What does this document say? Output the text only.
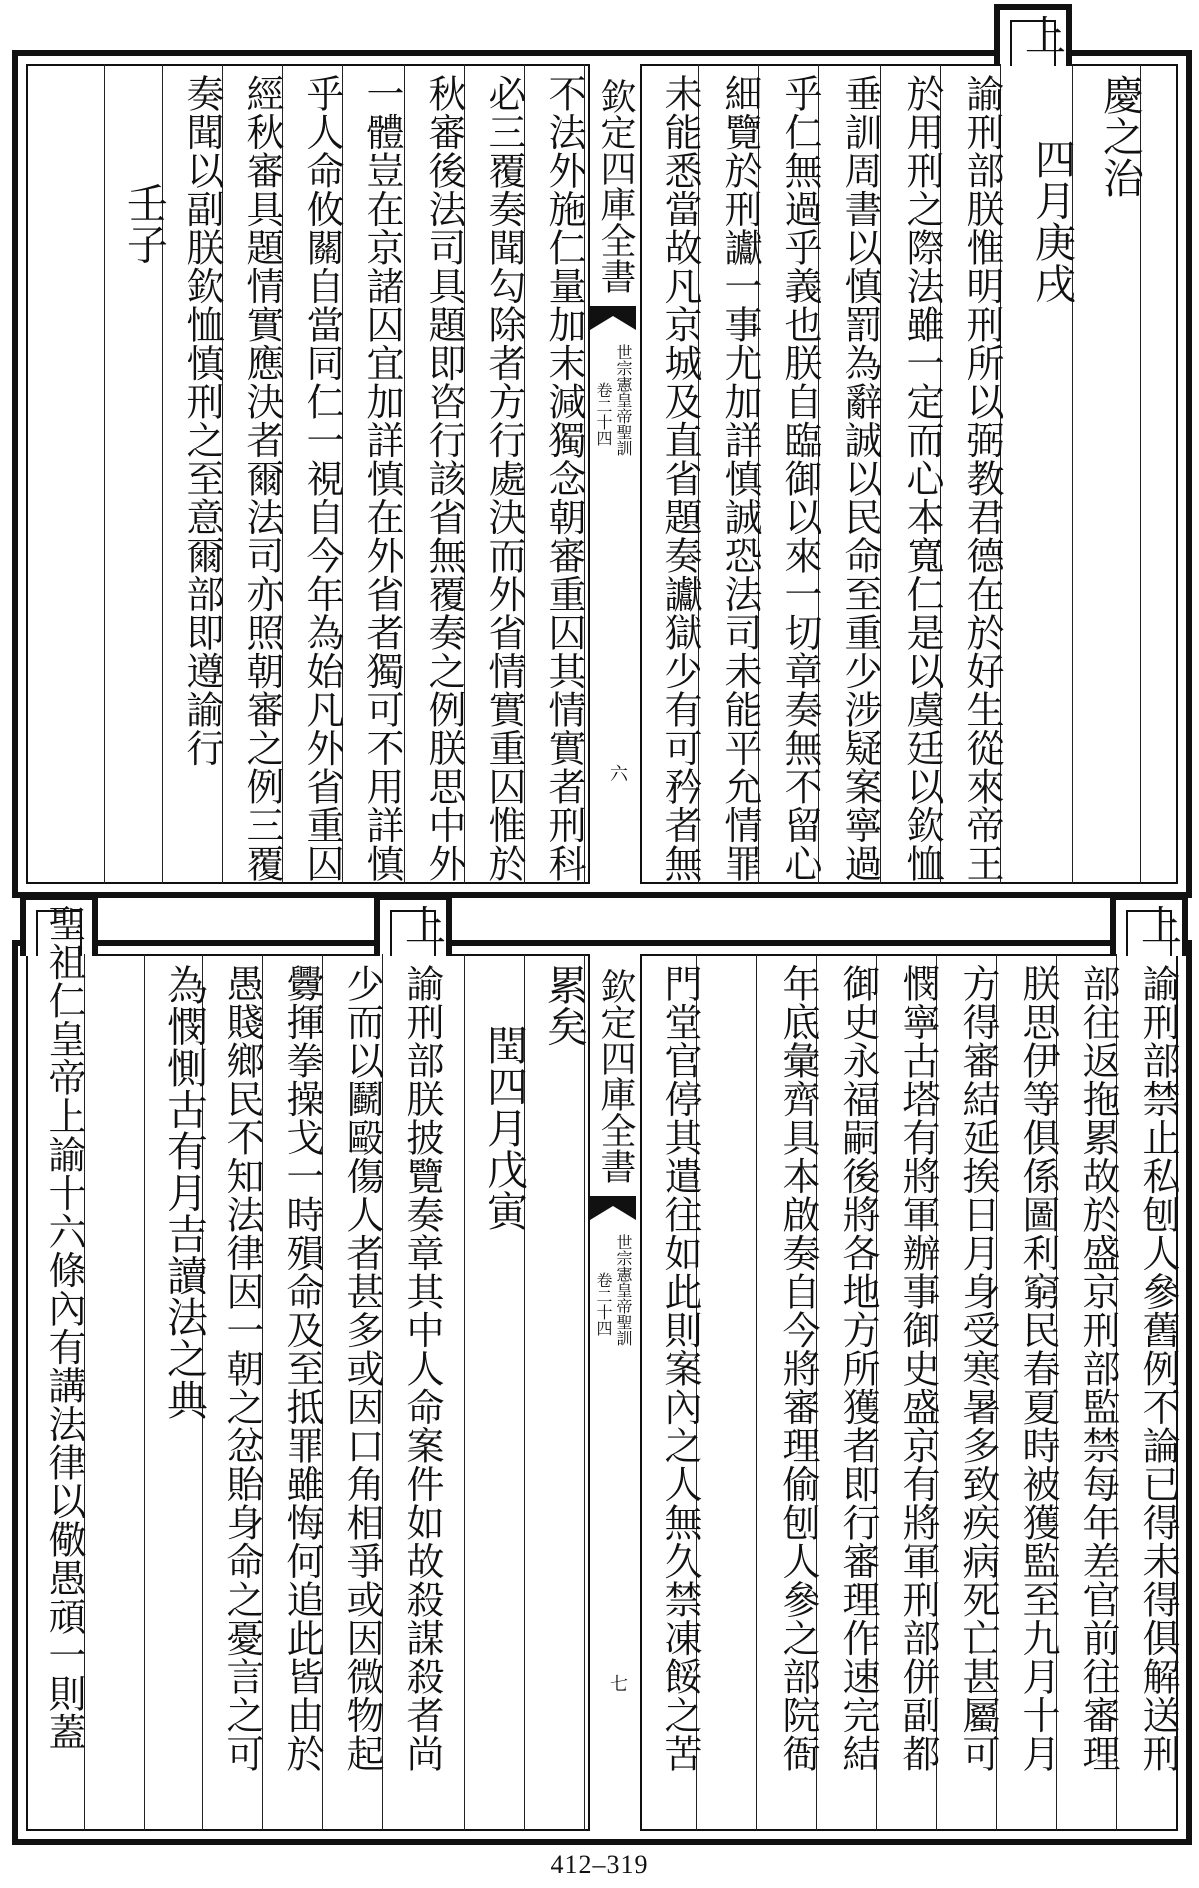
欽定四庫全書
世宗憲皇帝聖訓
卷二十四
六
慶之治
四月庚戌
上
諭刑部朕惟明刑所以弼教君德在於好生從來帝王
於用刑之際法雖一定而心本寬仁是以虞廷以欽恤
垂訓周書以慎罰為辭誠以民命至重少涉疑案寧過
乎仁無過乎義也朕自臨御以來一切章奏無不留心
細覽於刑讞一事尤加詳慎誠恐法司未能平允情罪
未能悉當故凡京城及直省題奏讞獄少有可矜者無
不法外施仁量加末減獨念朝審重囚其情實者刑科
必三覆奏聞勾除者方行處決而外省情實重囚惟於
秋審後法司具題即咨行該省無覆奏之例朕思中外
一體豈在京諸囚宜加詳慎在外省者獨可不用詳慎
乎人命攸關自當同仁一視自今年為始凡外省重囚
經秋審具題情實應決者爾法司亦照朝審之例三覆
奏聞以副朕欽恤慎刑之至意爾部即遵諭行
壬子
欽定四庫全書
世宗憲皇帝聖訓
卷二十四
七
上
諭刑部禁止私刨人參舊例不論已得未得俱解送刑
部往返拖累故於盛京刑部監禁每年差官前往審理
朕思伊等俱係圖利窮民春夏時被獲監至九月十月
方得審結延挨日月身受寒暑多致疾病死亡甚屬可
憫寧古塔有將軍辦事御史盛京有將軍刑部併副都
御史永福嗣後將各地方所獲者即行審理作速完結
年底彙齊具本啟奏自今將審理偷刨人參之部院衙
門堂官停其遣往如此則案內之人無久禁凍餒之苦
累矣
閏四月戊寅
上
諭刑部朕披覽奏章其中人命案件如故殺謀殺者尚
少而以鬬毆傷人者甚多或因口角相爭或因微物起
釁揮拳操戈一時殞命及至抵罪雖悔何追此皆由於
愚賤鄉民不知法律因一朝之忿貽身命之憂言之可
為憫惻古有月吉讀法之典
聖祖仁皇帝上諭十六條內有講法律以儆愚頑一則蓋
412–319
